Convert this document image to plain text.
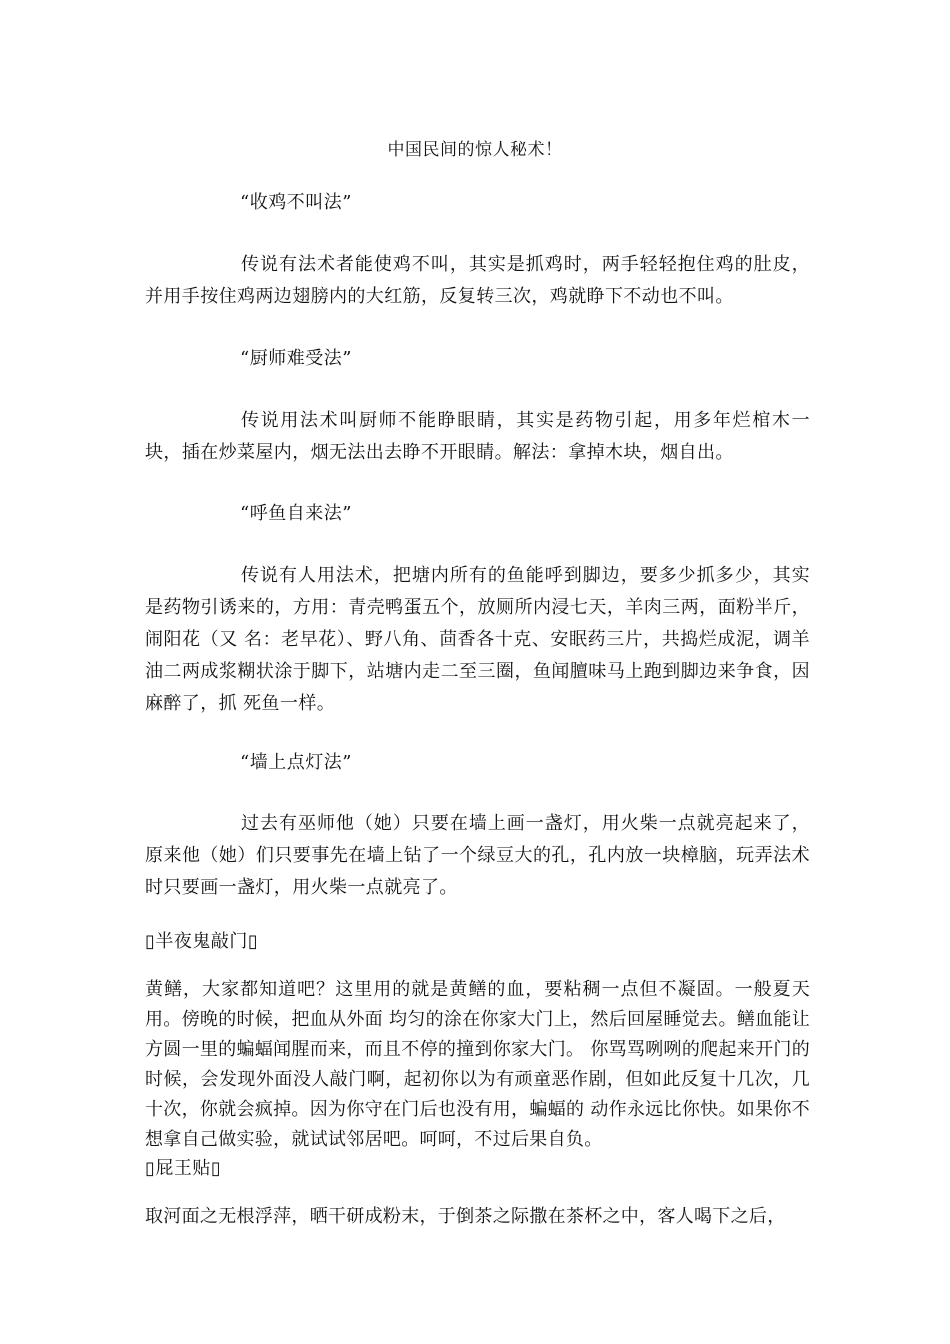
中国民间的惊人秘术！
“收鸡不叫法”
传说有法术者能使鸡不叫，其实是抓鸡时，两手轻轻抱住鸡的肚皮，并用手按住鸡两边翅膀内的大红筋，反复转三次，鸡就睁下不动也不叫。
“厨师难受法”
传说用法术叫厨师不能睁眼睛，其实是药物引起，用多年烂棺木一块，插在炒菜屋内，烟无法出去睁不开眼睛。解法：拿掉木块，烟自出。
“呼鱼自来法”
传说有人用法术，把塘内所有的鱼能呼到脚边，要多少抓多少，其实是药物引诱来的，方用：青壳鸭蛋五个，放厕所内浸七天，羊肉三两，面粉半斤，闹阳花（又 名：老早花）、野八角、茴香各十克、安眠药三片，共捣烂成泥，调羊油二两成浆糊状涂于脚下，站塘内走二至三圈，鱼闻膻味马上跑到脚边来争食，因麻醉了，抓 死鱼一样。
“墙上点灯法”
过去有巫师他（她）只要在墙上画一盏灯，用火柴一点就亮起来了，原来他（她）们只要事先在墙上钻了一个绿豆大的孔，孔内放一块樟脑，玩弄法术时只要画一盏灯，用火柴一点就亮了。
▯半夜鬼敲门▯
黄鳝，大家都知道吧？这里用的就是黄鳝的血，要粘稠一点但不凝固。一般夏天用。傍晚的时候，把血从外面 均匀的涂在你家大门上，然后回屋睡觉去。鳝血能让方圆一里的蝙蝠闻腥而来，而且不停的撞到你家大门。 你骂骂咧咧的爬起来开门的时候，会发现外面没人敲门啊，起初你以为有顽童恶作剧，但如此反复十几次，几十次，你就会疯掉。因为你守在门后也没有用，蝙蝠的 动作永远比你快。如果你不想拿自己做实验，就试试邻居吧。呵呵，不过后果自负。
▯屁王贴▯
取河面之无根浮萍，晒干研成粉末，于倒茶之际撒在茶杯之中，客人喝下之后，
